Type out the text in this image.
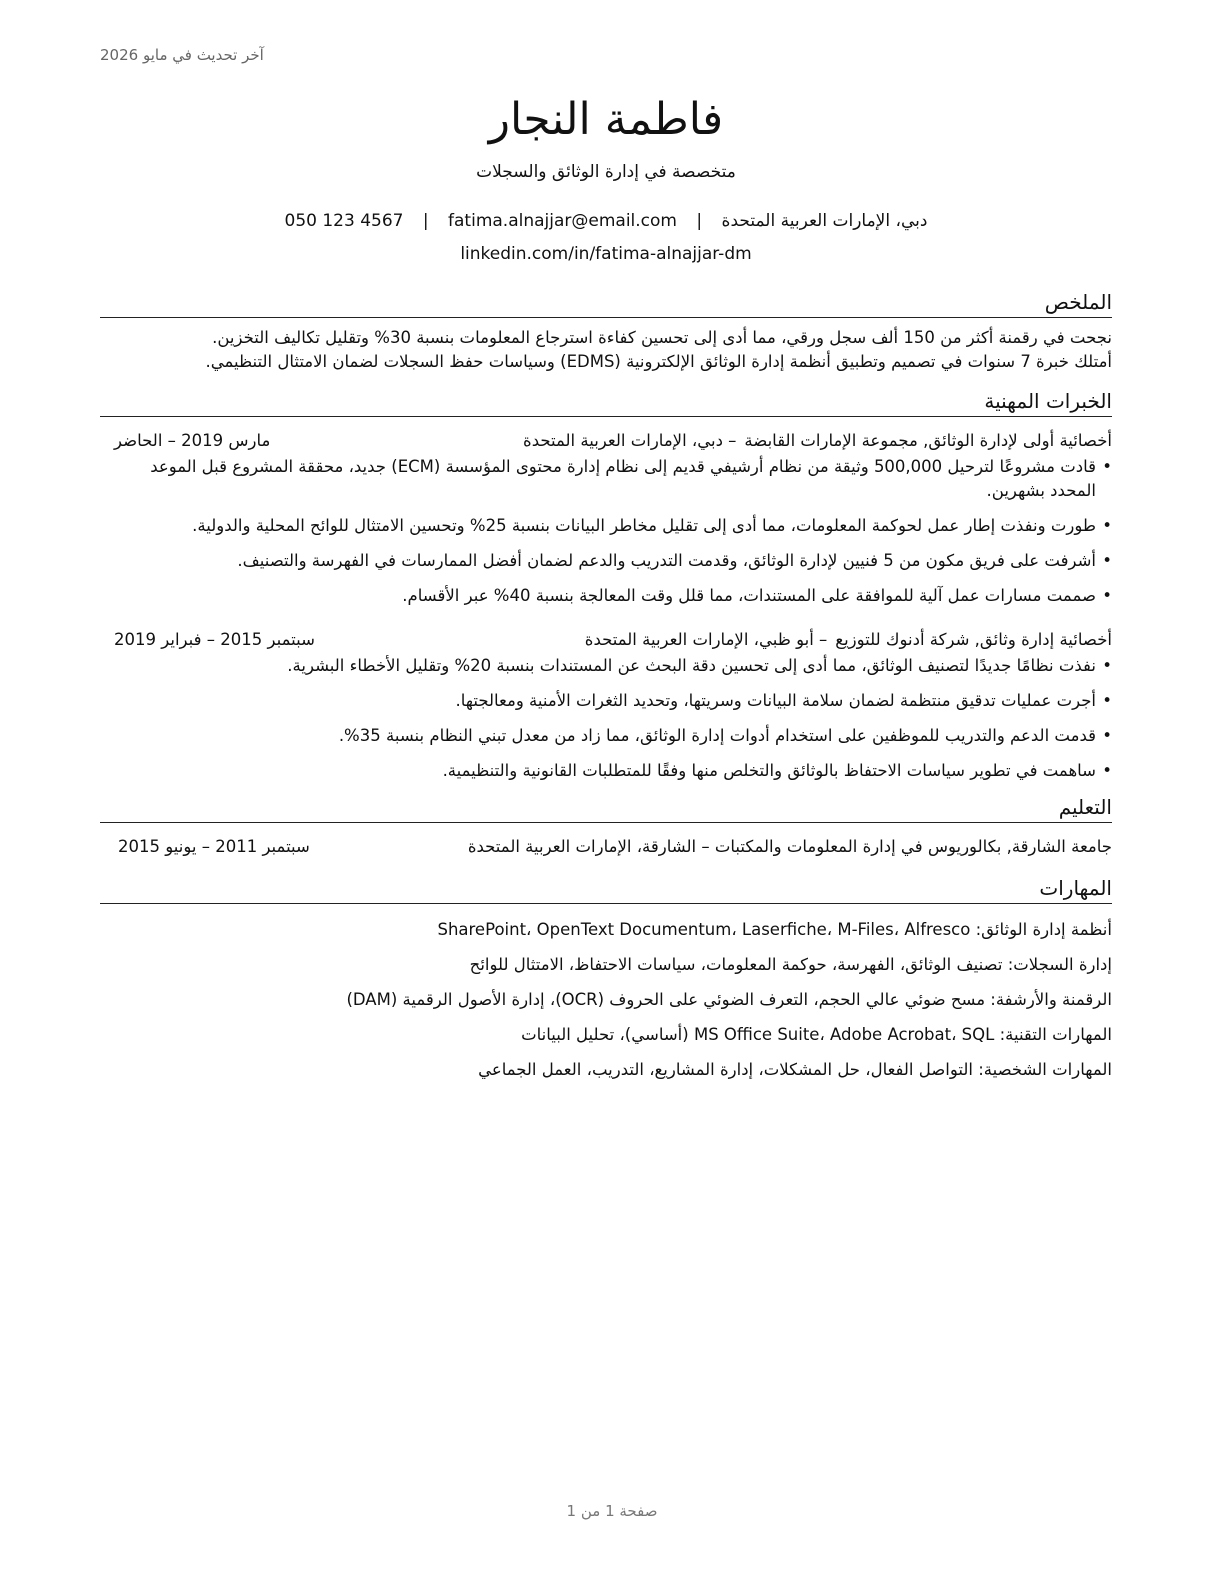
آخر تحديث في مايو 2026
فاطمة النجار
متخصصة في إدارة الوثائق والسجلات
دبي، الإمارات العربية المتحدة | fatima.alnajjar@email.com | 050 123 4567
linkedin.com/in/fatima-alnajjar-dm
الملخص
نجحت في رقمنة أكثر من 150 ألف سجل ورقي، مما أدى إلى تحسين كفاءة استرجاع المعلومات بنسبة 30% وتقليل تكاليف التخزين.
أمتلك خبرة 7 سنوات في تصميم وتطبيق أنظمة إدارة الوثائق الإلكترونية (EDMS) وسياسات حفظ السجلات لضمان الامتثال التنظيمي.
الخبرات المهنية
أخصائية أولى لإدارة الوثائق, مجموعة الإمارات القابضة
– دبي، الإمارات العربية المتحدة
مارس 2019 – الحاضر
•
قادت مشروعًا لترحيل 500,000 وثيقة من نظام أرشيفي قديم إلى نظام إدارة محتوى المؤسسة (ECM) جديد، محققة المشروع قبل الموعد المحدد بشهرين.
•
طورت ونفذت إطار عمل لحوكمة المعلومات، مما أدى إلى تقليل مخاطر البيانات بنسبة 25% وتحسين الامتثال للوائح المحلية والدولية.
•
أشرفت على فريق مكون من 5 فنيين لإدارة الوثائق، وقدمت التدريب والدعم لضمان أفضل الممارسات في الفهرسة والتصنيف.
•
صممت مسارات عمل آلية للموافقة على المستندات، مما قلل وقت المعالجة بنسبة 40% عبر الأقسام.
أخصائية إدارة وثائق, شركة أدنوك للتوزيع
– أبو ظبي، الإمارات العربية المتحدة
سبتمبر 2015 – فبراير 2019
•
نفذت نظامًا جديدًا لتصنيف الوثائق، مما أدى إلى تحسين دقة البحث عن المستندات بنسبة 20% وتقليل الأخطاء البشرية.
•
أجرت عمليات تدقيق منتظمة لضمان سلامة البيانات وسريتها، وتحديد الثغرات الأمنية ومعالجتها.
•
قدمت الدعم والتدريب للموظفين على استخدام أدوات إدارة الوثائق، مما زاد من معدل تبني النظام بنسبة 35%.
•
ساهمت في تطوير سياسات الاحتفاظ بالوثائق والتخلص منها وفقًا للمتطلبات القانونية والتنظيمية.
التعليم
جامعة الشارقة, بكالوريوس في إدارة المعلومات والمكتبات – الشارقة، الإمارات العربية المتحدة
سبتمبر 2011 – يونيو 2015
المهارات
أنظمة إدارة الوثائق: SharePoint، OpenText Documentum، Laserfiche، M-Files، Alfresco
إدارة السجلات: تصنيف الوثائق، الفهرسة، حوكمة المعلومات، سياسات الاحتفاظ، الامتثال للوائح
الرقمنة والأرشفة: مسح ضوئي عالي الحجم، التعرف الضوئي على الحروف (OCR)، إدارة الأصول الرقمية (DAM)
المهارات التقنية: MS Office Suite، Adobe Acrobat، SQL (أساسي)، تحليل البيانات
المهارات الشخصية: التواصل الفعال، حل المشكلات، إدارة المشاريع، التدريب، العمل الجماعي
صفحة 1 من 1
